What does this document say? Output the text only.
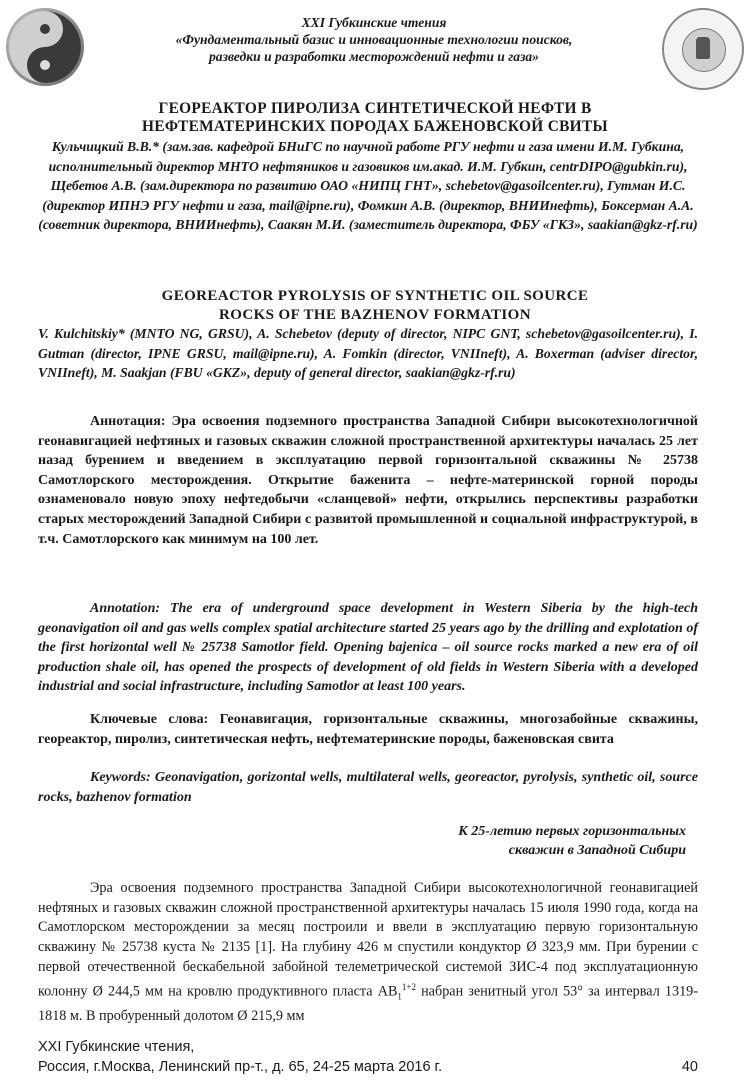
XXI Губкинские чтения
«Фундаментальный базис и инновационные технологии поисков,
разведки и разработки месторождений нефти и газа»
ГЕОРЕАКТОР ПИРОЛИЗА СИНТЕТИЧЕСКОЙ НЕФТИ В
НЕФТЕМАТЕРИНСКИХ ПОРОДАХ БАЖЕНОВСКОЙ СВИТЫ
Кульчицкий В.В.* (зам.зав. кафедрой БНиГС по научной работе РГУ нефти и газа имени И.М. Губкина, исполнительный директор МНТО нефтяников и газовиков им.акад. И.М. Губкин, centrDIPO@gubkin.ru), Щебетов А.В. (зам.директора по развитию ОАО «НИПЦ ГНТ», schebetov@gasoilcenter.ru), Гутман И.С. (директор ИПНЭ РГУ нефти и газа, mail@ipne.ru), Фомкин А.В. (директор, ВНИИнефть), Боксерман А.А. (советник директора, ВНИИнефть), Саакян М.И. (заместитель директора, ФБУ «ГКЗ», saakian@gkz-rf.ru)
GEOREACTOR PYROLYSIS OF SYNTHETIC OIL SOURCE
ROCKS OF THE BAZHENOV FORMATION
V. Kulchitskiy* (MNTO NG, GRSU), A. Schebetov (deputy of director, NIPC GNT, schebetov@gasoilcenter.ru), I. Gutman (director, IPNE GRSU, mail@ipne.ru), A. Fomkin (director, VNIIneft), A. Boxerman (adviser director, VNIIneft), M. Saakjan (FBU «GKZ», deputy of general director, saakian@gkz-rf.ru)
Аннотация: Эра освоения подземного пространства Западной Сибири высокотехнологичной геонавигацией нефтяных и газовых скважин сложной пространственной архитектуры началась 25 лет назад бурением и введением в эксплуатацию первой горизонтальной скважины № 25738 Самотлорского месторождения. Открытие баженита – нефте-материнской горной породы ознаменовало новую эпоху нефтедобычи «сланцевой» нефти, открылись перспективы разработки старых месторождений Западной Сибири с развитой промышленной и социальной инфраструктурой, в т.ч. Самотлорского как минимум на 100 лет.
Annotation: The era of underground space development in Western Siberia by the high-tech geonavigation oil and gas wells complex spatial architecture started 25 years ago by the drilling and explotation of the first horizontal well № 25738 Samotlor field. Opening bajenica – oil source rocks marked a new era of oil production shale oil, has opened the prospects of development of old fields in Western Siberia with a developed industrial and social infrastructure, including Samotlor at least 100 years.
Ключевые слова: Геонавигация, горизонтальные скважины, многозабойные скважины, георeактор, пиролиз, синтетическая нефть, нефтематеринские породы, баженовская свита
Keywords: Geonavigation, gorizontal wells, multilateral wells, georeactor, pyrolysis, synthetic oil, source rocks, bazhenov formation
К 25-летию первых горизонтальных
скважин в Западной Сибири
Эра освоения подземного пространства Западной Сибири высокотехнологичной геонавигацией нефтяных и газовых скважин сложной пространственной архитектуры началась 15 июля 1990 года, когда на Самотлорском месторождении за месяц построили и ввели в эксплуатацию первую горизонтальную скважину № 25738 куста № 2135 [1]. На глубину 426 м спустили кондуктор Ø 323,9 мм. При бурении с первой отечественной бескабельной забойной телеметрической системой ЗИС-4 под эксплуатационную колонну Ø 244,5 мм на кровлю продуктивного пласта $АВ_1^{1+2}$ набран зенитный угол 53° за интервал 1319-1818 м. В пробуренный долотом Ø 215,9 мм
XXI Губкинские чтения,
Россия, г.Москва, Ленинский пр-т., д. 65, 24-25 марта 2016 г.	40
